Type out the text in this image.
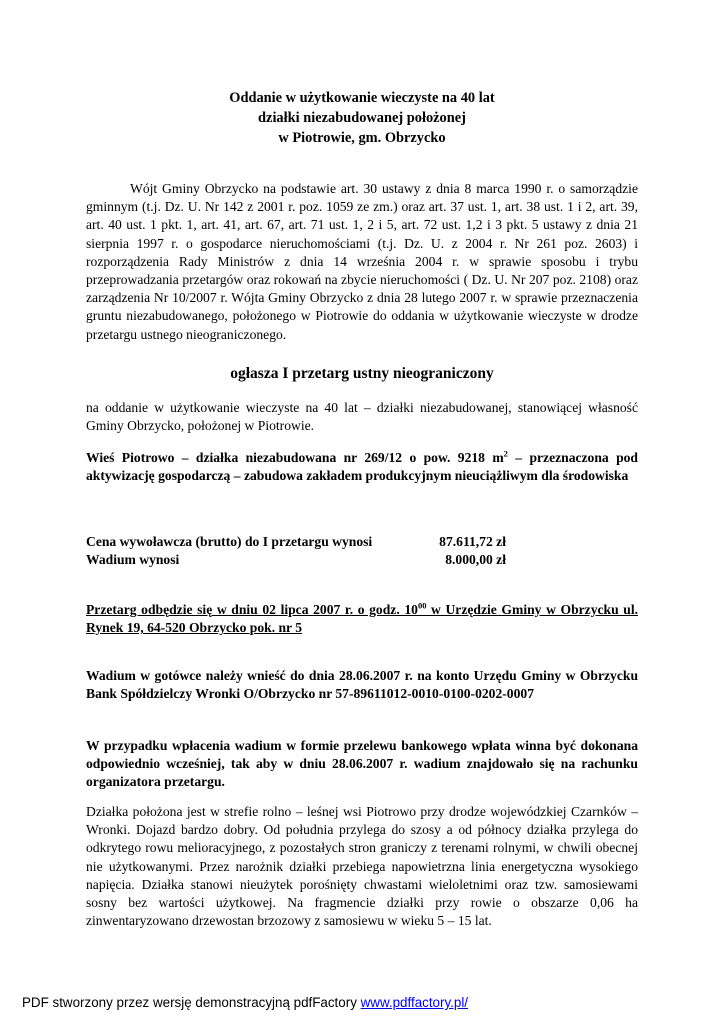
Oddanie w użytkowanie wieczyste na 40 lat
działki niezabudowanej położonej
w Piotrowie, gm. Obrzycko
Wójt Gminy Obrzycko na podstawie art. 30 ustawy z dnia 8 marca 1990 r. o samorządzie gminnym (t.j. Dz. U. Nr 142 z 2001 r. poz. 1059 ze zm.) oraz art. 37 ust. 1, art. 38 ust. 1 i 2, art. 39, art. 40 ust. 1 pkt. 1, art. 41, art. 67, art. 71 ust. 1, 2 i 5, art. 72 ust. 1,2 i 3 pkt. 5 ustawy z dnia 21 sierpnia 1997 r. o gospodarce nieruchomościami (t.j. Dz. U. z 2004 r. Nr 261 poz. 2603) i rozporządzenia Rady Ministrów z dnia 14 września 2004 r. w sprawie sposobu i trybu przeprowadzania przetargów oraz rokowań na zbycie nieruchomości ( Dz. U. Nr 207 poz. 2108) oraz zarządzenia Nr 10/2007 r. Wójta Gminy Obrzycko z dnia 28 lutego 2007 r. w sprawie przeznaczenia gruntu niezabudowanego, położonego w Piotrowie do oddania w użytkowanie wieczyste w drodze przetargu ustnego nieograniczonego.
ogłasza I przetarg ustny nieograniczony
na oddanie w użytkowanie wieczyste na 40 lat – działki niezabudowanej, stanowiącej własność Gminy Obrzycko, położonej w Piotrowie.
Wieś Piotrowo – działka niezabudowana nr 269/12 o pow. 9218 $m^2$ – przeznaczona pod aktywizację gospodarczą – zabudowa zakładem produkcyjnym nieuciążliwym dla środowiska
Cena wywoławcza (brutto) do I przetargu wynosi	87.611,72 zł
Wadium wynosi	8.000,00 zł
Przetarg odbędzie się w dniu 02 lipca 2007 r. o godz. $10^{00}$ w Urzędzie Gminy w Obrzycku ul. Rynek 19, 64-520 Obrzycko pok. nr 5
Wadium w gotówce należy wnieść do dnia 28.06.2007 r. na konto Urzędu Gminy w Obrzycku Bank Spółdzielczy Wronki O/Obrzycko nr 57-89611012-0010-0100-0202-0007
W przypadku wpłacenia wadium w formie przelewu bankowego wpłata winna być dokonana odpowiednio wcześniej, tak aby w dniu 28.06.2007 r. wadium znajdowało się na rachunku organizatora przetargu.
Działka położona jest w strefie rolno – leśnej wsi Piotrowo przy drodze wojewódzkiej Czarnków – Wronki. Dojazd bardzo dobry. Od południa przylega do szosy a od północy działka przylega do odkrytego rowu melioracyjnego, z pozostałych stron graniczy z terenami rolnymi, w chwili obecnej nie użytkowanymi. Przez narożnik działki przebiega napowietrzna linia energetyczna wysokiego napięcia. Działka stanowi nieużytek porośnięty chwastami wieloletnimi oraz tzw. samosiewami sosny bez wartości użytkowej. Na fragmencie działki przy rowie o obszarze 0,06 ha zinwentaryzowano drzewostan brzozowy z samosiewu w wieku 5 – 15 lat.
PDF stworzony przez wersję demonstracyjną pdfFactory www.pdffactory.pl/
